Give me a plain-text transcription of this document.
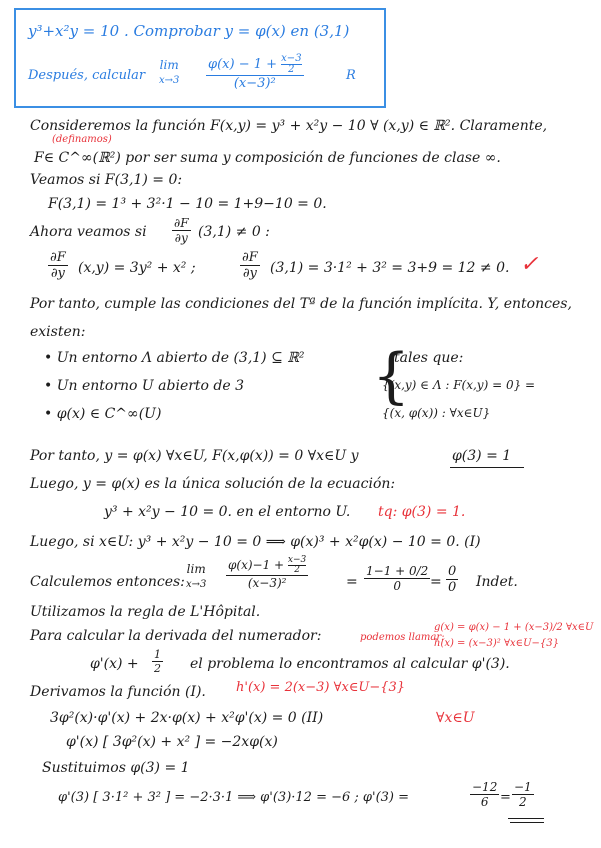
y³+x²y = 10 . Comprobar y = φ(x) en (3,1)
Después, calcular
lim
$x\to 3 \frac{\varphi(x) - 1 + \frac{x-3}{2}}{\text{(x−3)²}}$	R
Consideremos la función F(x,y) = y³ + x²y − 10 ∀ (x,y) ∈ ℝ². Claramente,
(definamos)
F∈ C^∞(ℝ²) por ser suma y composición de funciones de clase ∞.
Veamos si F(3,1) = 0:
F(3,1) = 1³ + 3²·1 − 10 = 1+9−10 = 0.
Ahora veamos si $\frac{\partial F}{\partial y} (3,1) \ne 0$ :
$\frac{\partial F}{\partial y} (x,y) = 3y^2 + x^2$ ;	$\frac{\partial F}{\partial y} (3,1) = 3\cdot 1^2 + 3^2 = 3+9 = 12 \ne 0$. ✓
Por tanto, cumple las condiciones del Tª de la función implícita. Y, entonces,
existen:
• Un entorno Λ abierto de (3,1) ⊆ ℝ²
• Un entorno U abierto de 3
• φ(x) ∈ C^∞(U)
{
tales que:
{(x,y) ∈ Λ : F(x,y) = 0} =
{(x, φ(x)) : ∀x∈U}
Por tanto, y = φ(x) ∀x∈U, F(x,φ(x)) = 0 ∀x∈U y	φ(3) = 1
Luego, y = φ(x) es la única solución de la ecuación:
y³ + x²y − 10 = 0. en el entorno U. tq: φ(3) = 1.
Luego, si x∈U: y³ + x²y − 10 = 0 ⟹ φ(x)³ + x²φ(x) − 10 = 0. (I)
Calculemos entonces:
lim
$x\to 3 \frac{\varphi(x)-1 + \frac{x-3}{2}}{\text{(x−3)²}}$	= $\frac{1-1 + 0/2}{0} = \frac{0}{0} Indet$.
Utilizamos la regla de L'Hôpital.
Para calcular la derivada del numerador:	podemos llamar:
g(x) = φ(x) − 1 + (x−3)/2 ∀x∈U
h(x) = (x−3)² ∀x∈U−{3}
$\varphi'(x) + \frac{1}{2}$ el problema lo encontramos al calcular φ'(3).
Derivamos la función (I). h'(x) = 2(x−3) ∀x∈U−{3}
3φ²(x)·φ'(x) + 2x·φ(x) + x²φ'(x) = 0 (II)	∀x∈U
φ'(x) [ 3φ²(x) + x² ] = −2xφ(x)
Sustituimos φ(3) = 1
φ'(3) [ 3·1² + 3² ] = −2·3·1 ⟹ φ'(3)·12 = −6 ; φ'(3) =	$\frac{-12}{6} = \frac{-1}{2}$
